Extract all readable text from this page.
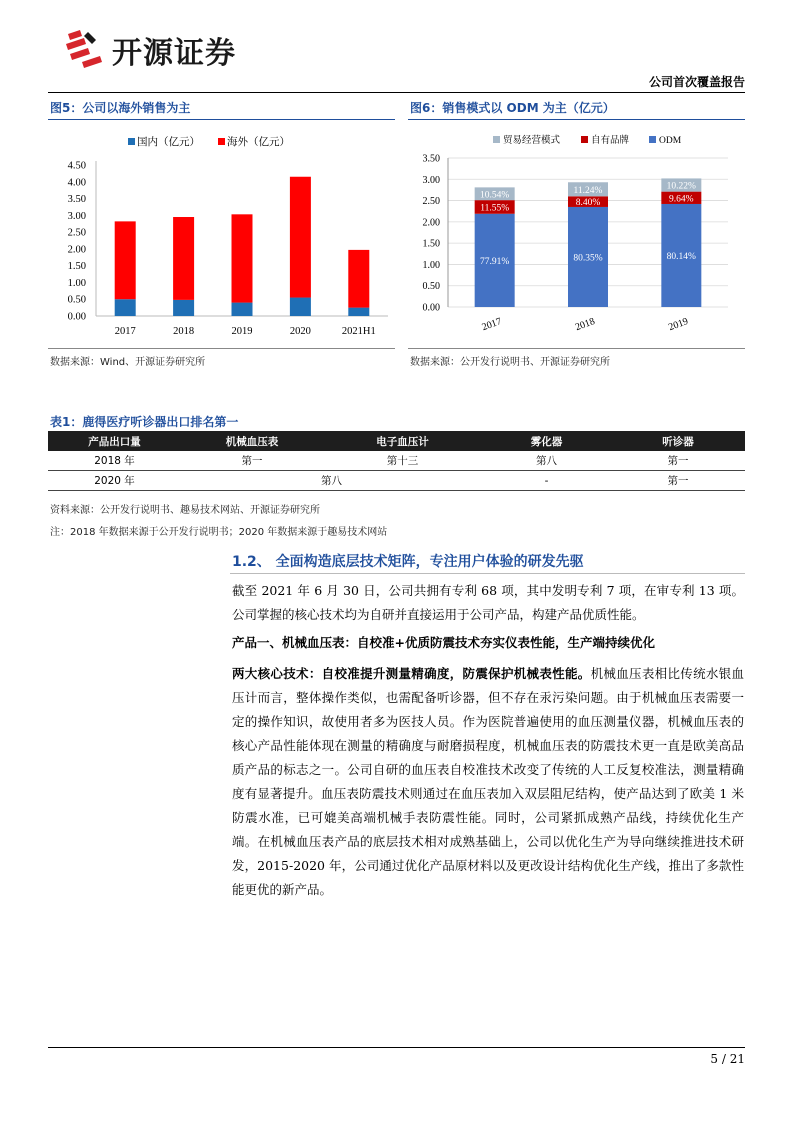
开源证券
公司首次覆盖报告
图5：公司以海外销售为主	图6：销售模式以 ODM 为主（亿元）
国内（亿元）	海外（亿元）
0.00
0.50
1.00
1.50
2.00
2.50
3.00
3.50
4.00
4.50
2017	2018	2019	2020	2021H1
数据来源：Wind、开源证券研究所
贸易经营模式	自有品牌	ODM
0.00
0.50
1.00
1.50
2.00
2.50
3.00
3.50
2017	2018	2019
77.91%
11.55%
10.54%
80.35%
8.40%
11.24%
80.14%
9.64%
10.22%
数据来源：公开发行说明书、开源证券研究所
表1：鹿得医疗听诊器出口排名第一
产品出口量	机械血压表	电子血压计	雾化器	听诊器
2018 年	第一	第十三	第八	第一
2020 年	第八		-	第一
资料来源：公开发行说明书、趣易技术网站、开源证券研究所
注：2018 年数据来源于公开发行说明书；2020 年数据来源于趣易技术网站
1.2、 全面构造底层技术矩阵，专注用户体验的研发先驱
截至 2021 年 6 月 30 日，公司共拥有专利 68 项，其中发明专利 7 项，在审专利 13 项。公司掌握的核心技术均为自研并直接运用于公司产品，构建产品优质性能。
产品一、机械血压表：自校准+优质防震技术夯实仪表性能，生产端持续优化
两大核心技术：自校准提升测量精确度，防震保护机械表性能。机械血压表相比传统水银血压计而言，整体操作类似，也需配备听诊器，但不存在汞污染问题。由于机械血压表需要一定的操作知识，故使用者多为医技人员。作为医院普遍使用的血压测量仪器，机械血压表的核心产品性能体现在测量的精确度与耐磨损程度，机械血压表的防震技术更一直是欧美高品质产品的标志之一。公司自研的血压表自校准技术改变了传统的人工反复校准法，测量精确度有显著提升。血压表防震技术则通过在血压表加入双层阻尼结构，使产品达到了欧美 1 米防震水准，已可媲美高端机械手表防震性能。同时，公司紧抓成熟产品线，持续优化生产端。在机械血压表产品的底层技术相对成熟基础上，公司以优化生产为导向继续推进技术研发，2015-2020 年，公司通过优化产品原材料以及更改设计结构优化生产线，推出了多款性能更优的新产品。
5 / 21
